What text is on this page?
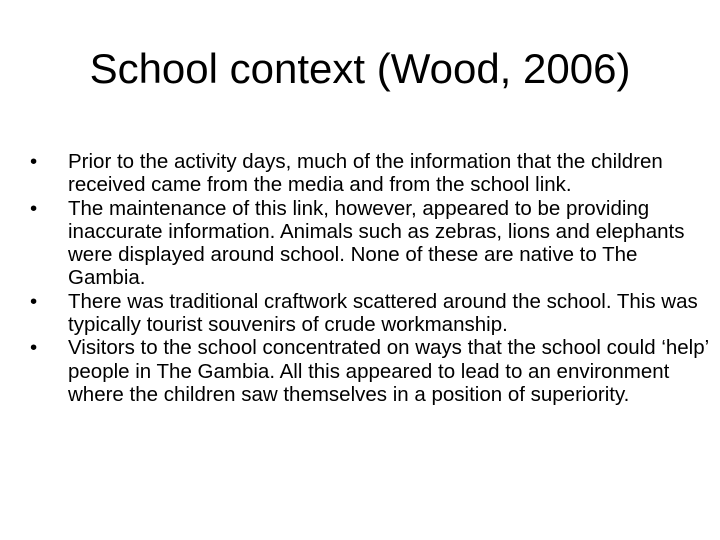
School context (Wood, 2006)
• Prior to the activity days, much of the information that the children received came from the media and from the school link.
• The maintenance of this link, however, appeared to be providing inaccurate information. Animals such as zebras, lions and elephants were displayed around school. None of these are native to The Gambia.
• There was traditional craftwork scattered around the school. This was typically tourist souvenirs of crude workmanship.
• Visitors to the school concentrated on ways that the school could ‘help’ people in The Gambia. All this appeared to lead to an environment where the children saw themselves in a position of superiority.
